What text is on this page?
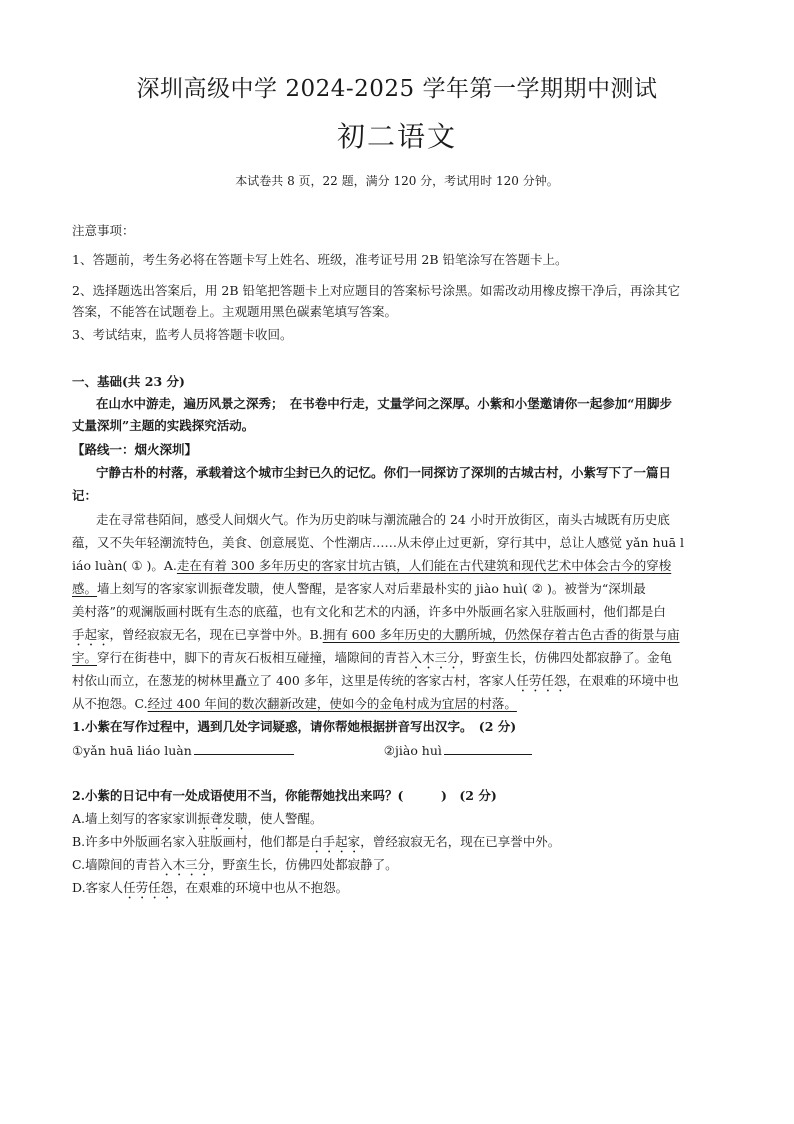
深圳高级中学 2024-2025 学年第一学期期中测试
初二语文
本试卷共 8 页，22 题，满分 120 分，考试用时 120 分钟。
注意事项：
1、答题前，考生务必将在答题卡写上姓名、班级，准考证号用 2B 铅笔涂写在答题卡上。
2、选择题选出答案后，用 2B 铅笔把答题卡上对应题目的答案标号涂黑。如需改动用橡皮擦干净后，再涂其它
答案，不能答在试题卷上。主观题用黑色碳素笔填写答案。
3、考试结束，监考人员将答题卡收回。
一、基础(共 23 分)
在山水中游走，遍历风景之深秀；　在书卷中行走，丈量学问之深厚。小紫和小堡邀请你一起参加“用脚步
丈量深圳”主题的实践探究活动。
【路线一：烟火深圳】
宁静古朴的村落，承载着这个城市尘封已久的记忆。你们一同探访了深圳的古城古村，小紫写下了一篇日
记：
走在寻常巷陌间，感受人间烟火气。作为历史韵味与潮流融合的 24 小时开放街区，南头古城既有历史底
蕴，又不失年轻潮流特色，美食、创意展览、个性潮店……从未停止过更新，穿行其中，总让人感觉 yǎn huā l
iáo luàn( ① )。A.走在有着 300 多年历史的客家甘坑古镇，人们能在古代建筑和现代艺术中体会古今的穿梭
感。墙上刻写的客家家训振聋发聩，使人警醒，是客家人对后辈最朴实的 jiào huì( ② )。被誉为“深圳最
美村落”的观澜版画村既有生态的底蕴，也有文化和艺术的内涵，许多中外版画名家入驻版画村，他们都是白
手起家，曾经寂寂无名，现在已享誉中外。B.拥有 600 多年历史的大鹏所城，仍然保存着古色古香的街景与庙
宇。穿行在街巷中，脚下的青灰石板相互碰撞，墙隙间的青苔入木三分，野蛮生长，仿佛四处都寂静了。金龟
村依山而立，在葱茏的树林里矗立了 400 多年，这里是传统的客家古村，客家人任劳任怨，在艰难的环境中也
从不抱怨。C.经过 400 年间的数次翻新改建，使如今的金龟村成为宜居的村落。
1.小紫在写作过程中，遇到几处字词疑惑，请你帮她根据拼音写出汉字。　(2 分)
①yǎn huā liáo luàn	②jiào huì
2.小紫的日记中有一处成语使用不当，你能帮她找出来吗？(　　　)　(2 分)
A.墙上刻写的客家家训振聋发聩，使人警醒。
B.许多中外版画名家入驻版画村，他们都是白手起家，曾经寂寂无名，现在已享誉中外。
C.墙隙间的青苔入木三分，野蛮生长，仿佛四处都寂静了。
D.客家人任劳任怨，在艰难的环境中也从不抱怨。
